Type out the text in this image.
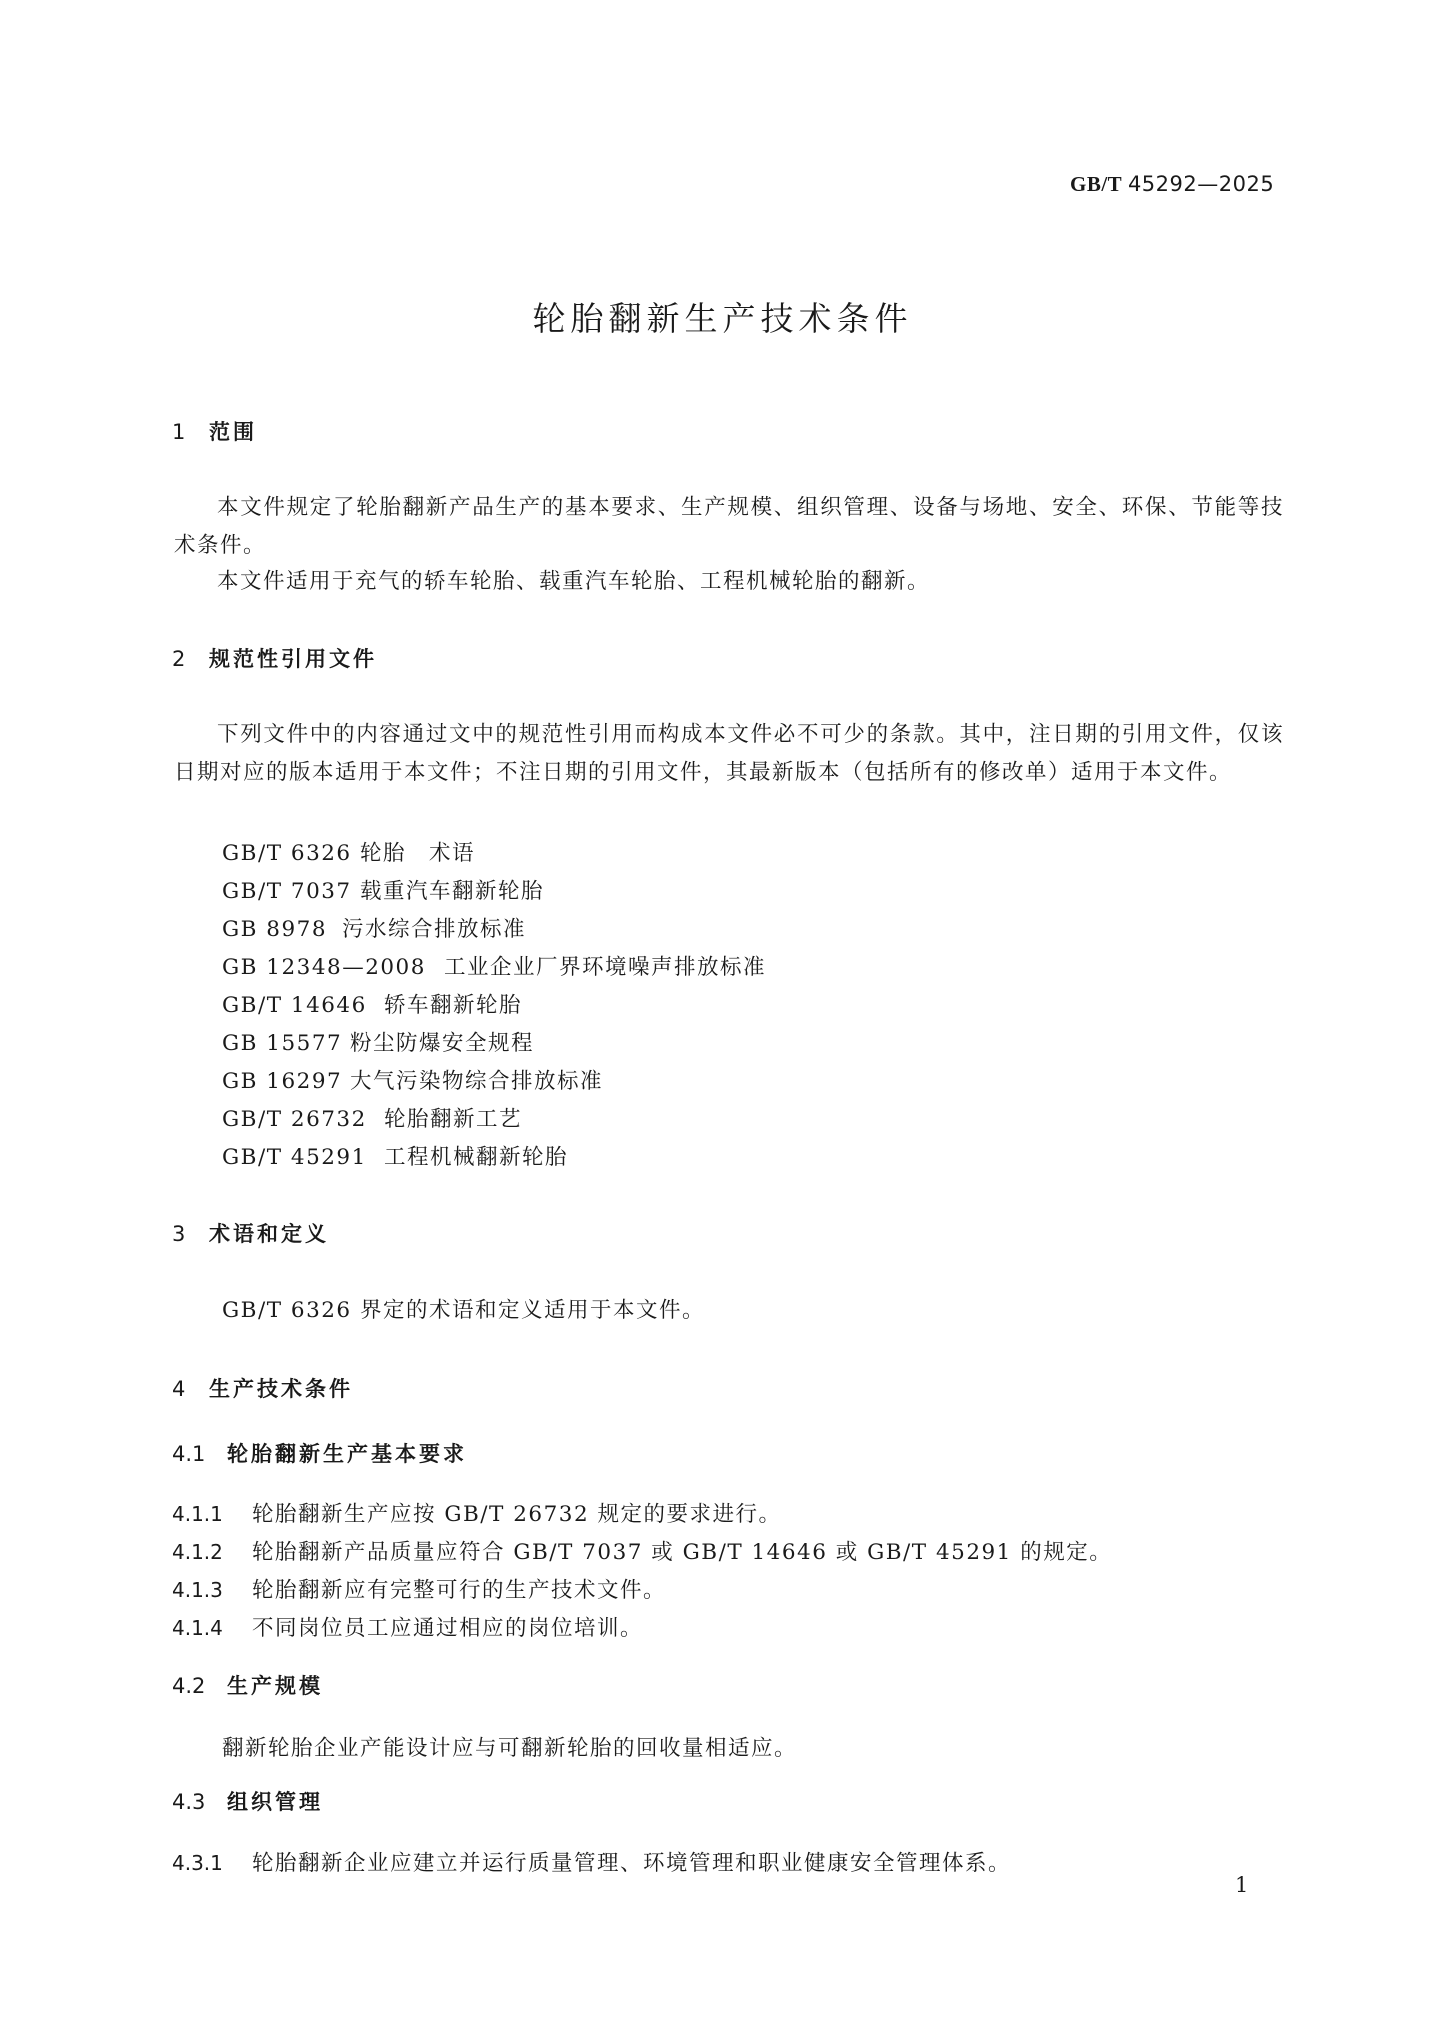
GB/T 45292—2025
轮胎翻新生产技术条件
1 范围

本文件规定了轮胎翻新产品生产的基本要求、生产规模、组织管理、设备与场地、安全、环保、节能等技术条件。

本文件适用于充气的轿车轮胎、载重汽车轮胎、工程机械轮胎的翻新。

2 规范性引用文件

下列文件中的内容通过文中的规范性引用而构成本文件必不可少的条款。其中，注日期的引用文件，仅该日期对应的版本适用于本文件；不注日期的引用文件，其最新版本（包括所有的修改单）适用于本文件。

GB/T 6326 轮胎　术语
GB/T 7037 载重汽车翻新轮胎
GB 8978 污水综合排放标准
GB 12348—2008 工业企业厂界环境噪声排放标准
GB/T 14646 轿车翻新轮胎
GB 15577 粉尘防爆安全规程
GB 16297 大气污染物综合排放标准
GB/T 26732 轮胎翻新工艺
GB/T 45291 工程机械翻新轮胎
3 术语和定义
GB/T 6326 界定的术语和定义适用于本文件。
4 生产技术条件
4.1 轮胎翻新生产基本要求
4.1.1 轮胎翻新生产应按 GB/T 26732 规定的要求进行。
4.1.2 轮胎翻新产品质量应符合 GB/T 7037 或 GB/T 14646 或 GB/T 45291 的规定。
4.1.3 轮胎翻新应有完整可行的生产技术文件。
4.1.4 不同岗位员工应通过相应的岗位培训。
4.2 生产规模
翻新轮胎企业产能设计应与可翻新轮胎的回收量相适应。
4.3 组织管理
4.3.1 轮胎翻新企业应建立并运行质量管理、环境管理和职业健康安全管理体系。
1
